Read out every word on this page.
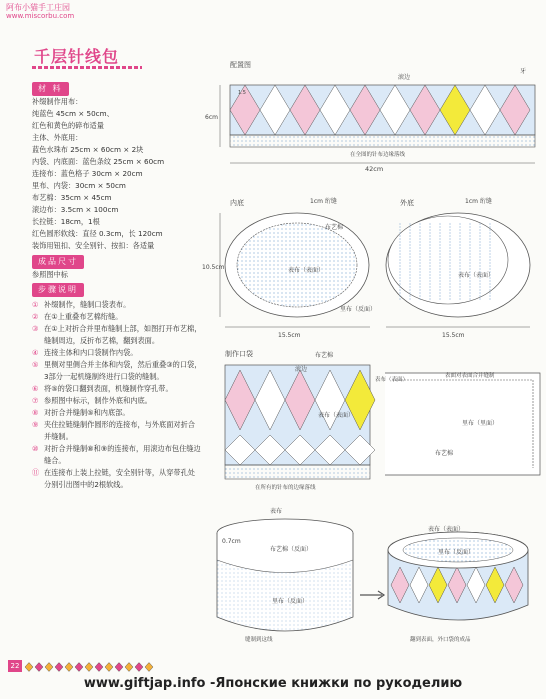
阿布小猫手工庄园
www.miscorbu.com
千层针线包
材 料
补缀制作用布：
纯蓝色 45cm × 50cm、
红色和黄色的碎布适量
主体、外底用：
蓝色水珠布 25cm × 60cm × 2块
内袋、内底面：蓝色条纹 25cm × 60cm
连接布：蓝色格子 30cm × 20cm
里布、内袋：30cm × 50cm
布艺棉：35cm × 45cm
滚边布：3.5cm × 100cm
长拉链：18cm，1根
红色圆形软线：直径 0.3cm，长 120cm
装饰用钮扣、安全别针、按扣：各适量
成品尺寸
参照图中标
步骤说明
① 补缀制作，缝制口袋表布。
② 在①上重叠布艺棉绗缝。
③ 在①上对折合并里布缝制上部，如图打开布艺棉，缝制周边，反折布艺棉，翻到表面。
④ 连接主体和内口袋制作内袋。
⑤ 里侧对里侧合并主体和内袋，然后重叠③的口袋，3部分一起机缝制终进行口袋的缝制。
⑥ 将⑤的袋口翻到表面，机缝制作穿孔带。
⑦ 参照图中标示，制作外底和内底。
⑧ 对折合并缝制⑤和内底部。
⑨ 夹住拉链缝制作圆形的连接布，与外底面对折合并缝制。
⑩ 对折合并缝制⑧和⑨的连接布，用滚边布包住缝边缝合。
⑪ 在连接布上装上拉链，安全别针等，从穿带孔处分别引出图中的2根软线。
配置图
滚边
牙
1.5
6cm
在全图的针布边缘落线
42cm
内底	外底
1cm 绗缝	1cm 绗缝
布艺棉
表布（表面）
表布（表面）
里布（反面）
10.5cm
15.5cm	15.5cm
制作口袋	布艺棉
滚边
表布（表面）
表面对表面合并缝制
表布（表面）
里布（里面）
布艺棉
在所有的针布的边缘落线
表布
0.7cm
布艺棉（反面）
里布（反面）
缝制到这线
里布（反面）
表布（表面）
翻到表面，外口袋的成品
22
www.giftjap.info -Японские книжки по рукоделию
